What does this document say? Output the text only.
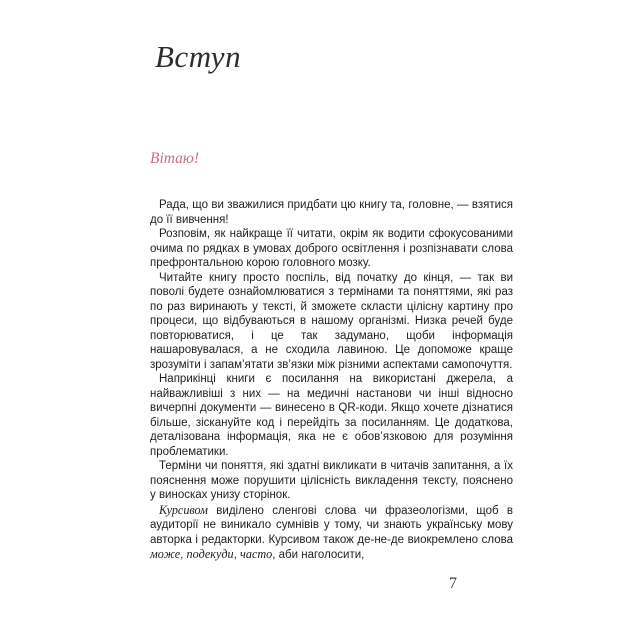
Вступ
Вітаю!

Рада, що ви зважилися придбати цю книгу та, головне, — взятися до її вивчення!

Розповім, як найкраще її читати, окрім як водити сфокусованими очима по рядках в умовах доброго освітлення і розпізнавати слова префронтальною корою головного мозку.

Читайте книгу просто поспіль, від початку до кінця, — так ви поволі будете ознайомлюватися з термінами та поняттями, які раз по раз виринають у тексті, й зможете скласти цілісну картину про процеси, що відбуваються в нашому організмі. Низка речей буде повторюватися, і це так задумано, щоби інформація нашаровувалася, а не сходила лавиною. Це допоможе краще зрозуміти і запам’ятати зв’язки між різними аспектами самопочуття.

Наприкінці книги є посилання на використані джерела, а найважливіші з них — на медичні настанови чи інші відносно вичерпні документи — винесено в QR-коди. Якщо хочете дізнатися більше, зіскануйте код і перейдіть за посиланням. Це додаткова, деталізована інформація, яка не є обов’язковою для розуміння проблематики.

Терміни чи поняття, які здатні викликати в читачів запитання, а їх пояснення може порушити цілісність викладення тексту, пояснено у виносках унизу сторінок.

Курсивом виділено сленгові слова чи фразеологізми, щоб в аудиторії не виникало сумнівів у тому, чи знають українську мову авторка і редакторки. Курсивом також де-не-де виокремлено слова може, подекуди, часто, аби наголосити,

7
